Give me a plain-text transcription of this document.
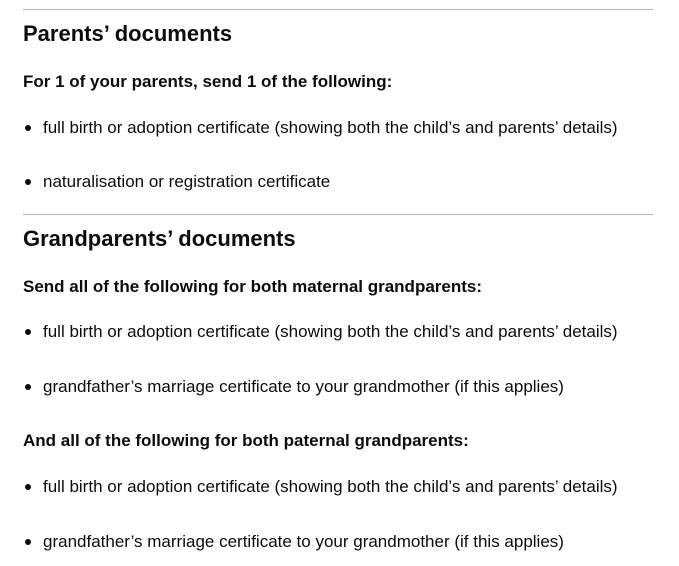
Parents’ documents
For 1 of your parents, send 1 of the following:
full birth or adoption certificate (showing both the child’s and parents’ details)
naturalisation or registration certificate
Grandparents’ documents
Send all of the following for both maternal grandparents:
full birth or adoption certificate (showing both the child’s and parents’ details)
grandfather’s marriage certificate to your grandmother (if this applies)
And all of the following for both paternal grandparents:
full birth or adoption certificate (showing both the child’s and parents’ details)
grandfather’s marriage certificate to your grandmother (if this applies)
